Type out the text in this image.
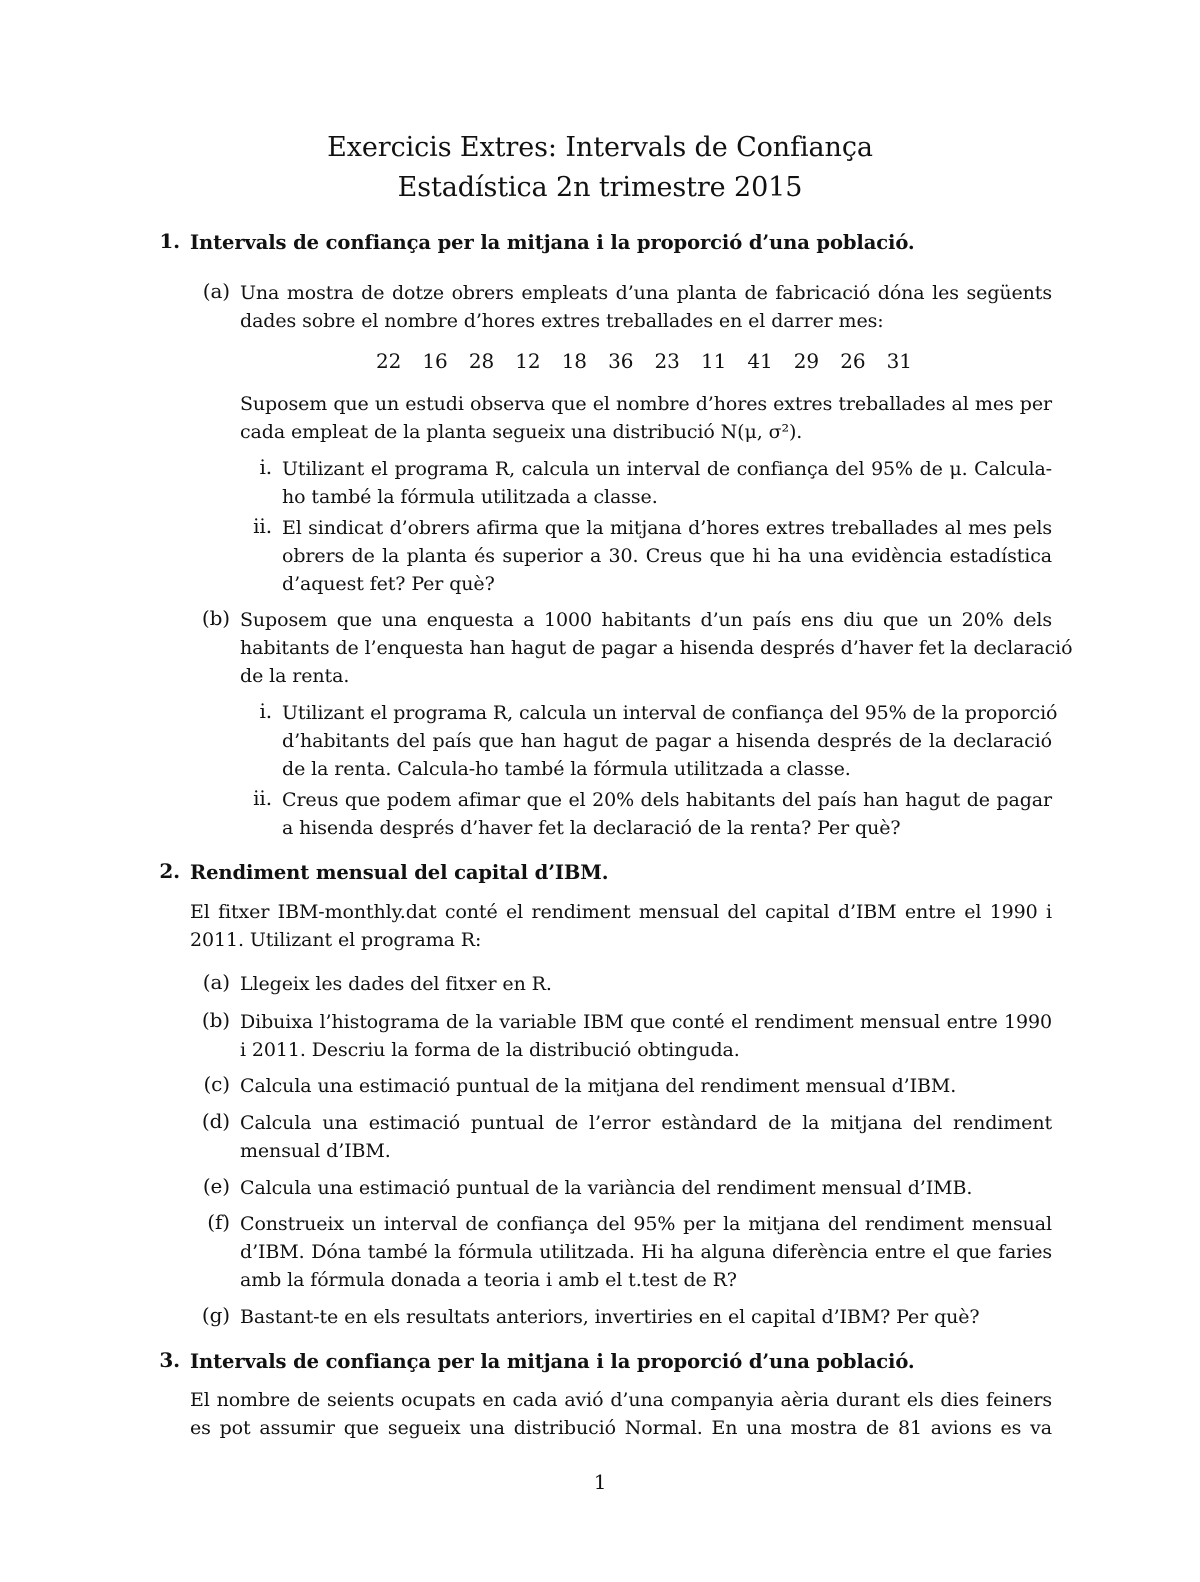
Exercicis Extres: Intervals de Confiança
Estadística 2n trimestre 2015
1. Intervals de confiança per la mitjana i la proporció d’una població.
(a) Una mostra de dotze obrers empleats d’una planta de fabricació dóna les següents
dades sobre el nombre d’hores extres treballades en el darrer mes:
22 16 28 12 18 36 23 11 41 29 26 31
Suposem que un estudi observa que el nombre d’hores extres treballades al mes per
cada empleat de la planta segueix una distribució N(μ, σ²).
i. Utilizant el programa R, calcula un interval de confiança del 95% de μ. Calcula-
ho també la fórmula utilitzada a classe.
ii. El sindicat d’obrers afirma que la mitjana d’hores extres treballades al mes pels
obrers de la planta és superior a 30. Creus que hi ha una evidència estadística
d’aquest fet? Per què?
(b) Suposem que una enquesta a 1000 habitants d’un país ens diu que un 20% dels
habitants de l’enquesta han hagut de pagar a hisenda després d’haver fet la declaració
de la renta.
i. Utilizant el programa R, calcula un interval de confiança del 95% de la proporció
d’habitants del país que han hagut de pagar a hisenda després de la declaració
de la renta. Calcula-ho també la fórmula utilitzada a classe.
ii. Creus que podem afimar que el 20% dels habitants del país han hagut de pagar
a hisenda després d’haver fet la declaració de la renta? Per què?
2. Rendiment mensual del capital d’IBM.
El fitxer IBM-monthly.dat conté el rendiment mensual del capital d’IBM entre el 1990 i
2011. Utilizant el programa R:
(a) Llegeix les dades del fitxer en R.
(b) Dibuixa l’histograma de la variable IBM que conté el rendiment mensual entre 1990
i 2011. Descriu la forma de la distribució obtinguda.
(c) Calcula una estimació puntual de la mitjana del rendiment mensual d’IBM.
(d) Calcula una estimació puntual de l’error estàndard de la mitjana del rendiment
mensual d’IBM.
(e) Calcula una estimació puntual de la variància del rendiment mensual d’IMB.
(f) Construeix un interval de confiança del 95% per la mitjana del rendiment mensual
d’IBM. Dóna també la fórmula utilitzada. Hi ha alguna diferència entre el que faries
amb la fórmula donada a teoria i amb el t.test de R?
(g) Bastant-te en els resultats anteriors, invertiries en el capital d’IBM? Per què?
3. Intervals de confiança per la mitjana i la proporció d’una població.
El nombre de seients ocupats en cada avió d’una companyia aèria durant els dies feiners
es pot assumir que segueix una distribució Normal. En una mostra de 81 avions es va
1
